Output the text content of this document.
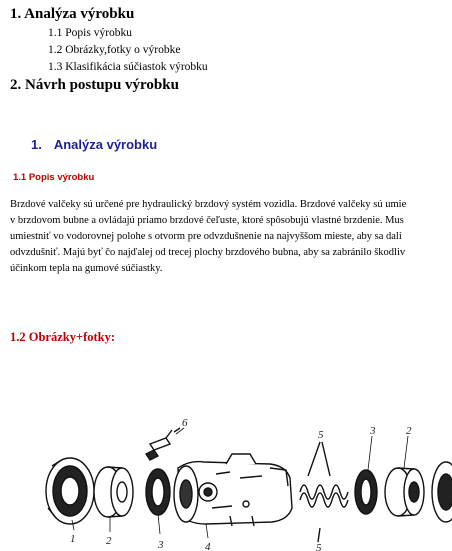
1. Analýza výrobku
1.1 Popis výrobku
1.2 Obrázky,fotky o výrobke
1.3 Klasifikácia súčiastok výrobku
2. Návrh postupu výrobku
1. Analýza výrobku
1.1 Popis výrobku
Brzdové valčeky sú určené pre hydraulický brzdový systém vozidla. Brzdové valčeky sú umie
v brzdovom bubne a ovládajú priamo brzdové čeľuste, ktoré spôsobujú vlastné brzdenie. Mus
umiestniť vo vodorovnej polohe s otvorm pre odvzdušnenie na najvyššom mieste, aby sa dali
odvzdušniť. Majú byť čo najďalej od trecej plochy brzdového bubna, aby sa zabránilo škodliv
účinkom tepla na gumové súčiastky.
1.2 Obrázky+fotky:
1	2	3	4
5
6
3	2
5
